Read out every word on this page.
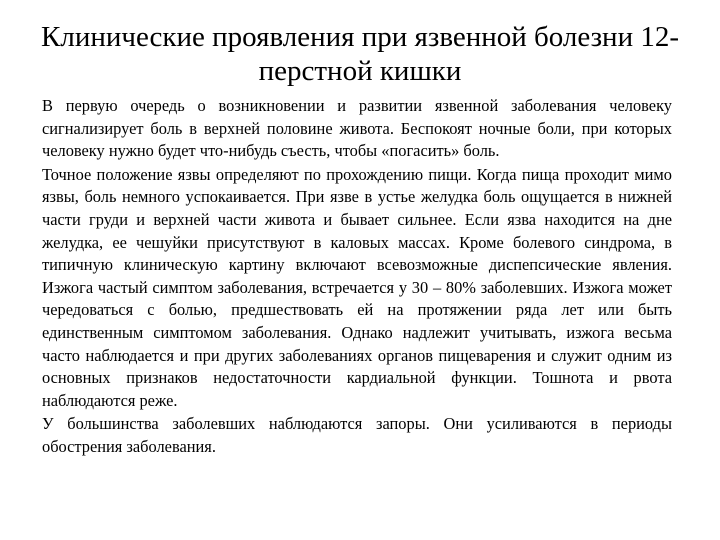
Клинические проявления при язвенной болезни 12-перстной кишки

В первую очередь о возникновении и развитии язвенной заболевания человеку сигнализирует боль в верхней половине живота. Беспокоят ночные боли, при которых человеку нужно будет что-нибудь съесть, чтобы «погасить» боль.

Точное положение язвы определяют по прохождению пищи. Когда пища проходит мимо язвы, боль немного успокаивается. При язве в устье желудка боль ощущается в нижней части груди и верхней части живота и бывает сильнее. Если язва находится на дне желудка, ее чешуйки присутствуют в каловых массах. Кроме болевого синдрома, в типичную клиническую картину включают всевозможные диспепсические явления. Изжога частый симптом заболевания, встречается у 30 – 80% заболевших. Изжога может чередоваться с болью, предшествовать ей на протяжении ряда лет или быть единственным симптомом заболевания. Однако надлежит учитывать, изжога весьма часто наблюдается и при других заболеваниях органов пищеварения и служит одним из основных признаков недостаточности кардиальной функции. Тошнота и рвота наблюдаются реже.

У большинства заболевших наблюдаются запоры. Они усиливаются в периоды обострения заболевания.
